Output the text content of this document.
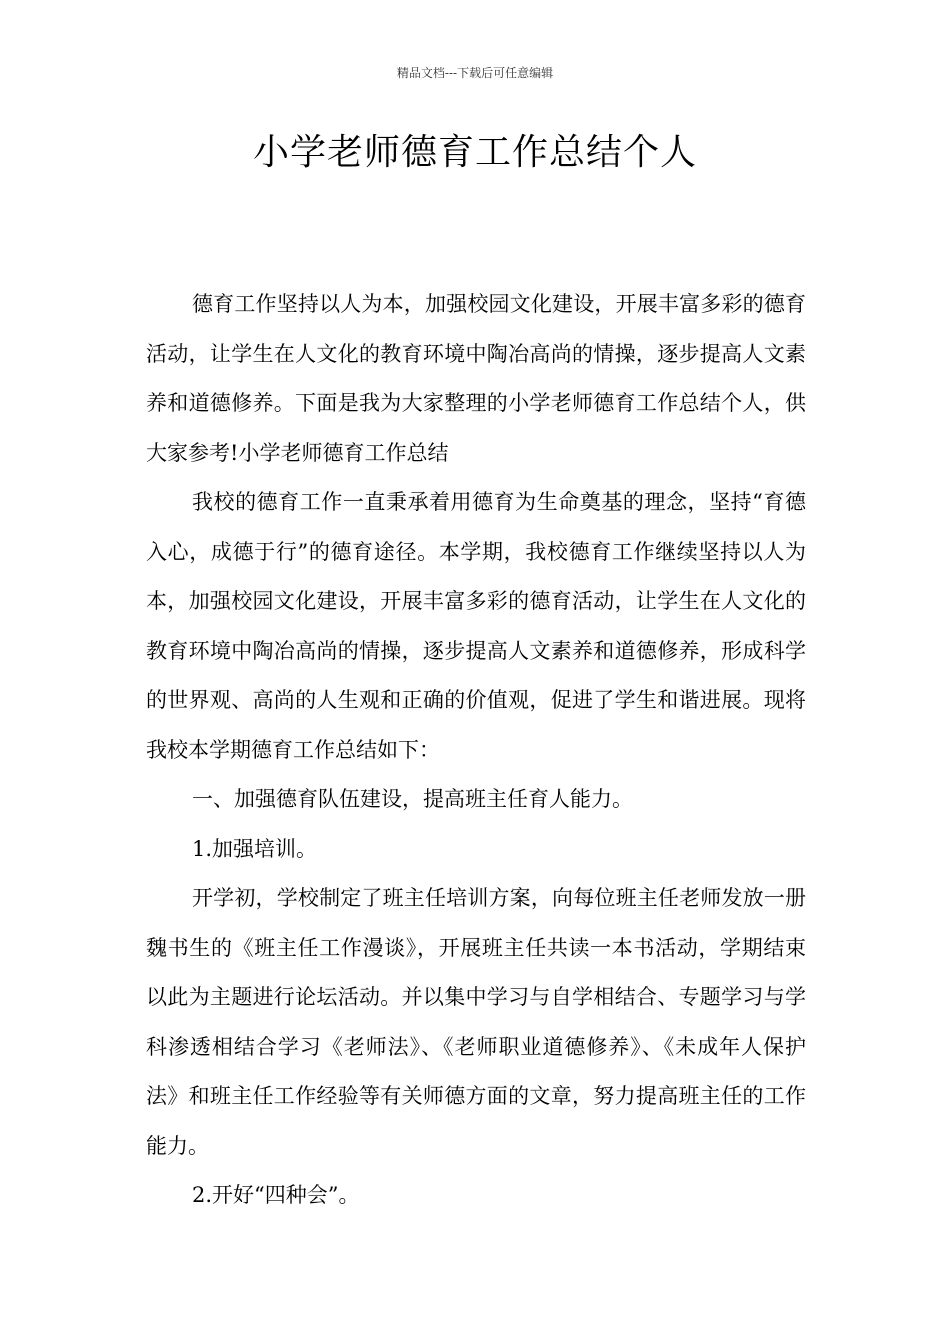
精品文档---下载后可任意编辑
小学老师德育工作总结个人

德育工作坚持以人为本，加强校园文化建设，开展丰富多彩的德育活动，让学生在人文化的教育环境中陶冶高尚的情操，逐步提高人文素养和道德修养。下面是我为大家整理的小学老师德育工作总结个人，供大家参考!小学老师德育工作总结

我校的德育工作一直秉承着用德育为生命奠基的理念，坚持“育德入心，成德于行”的德育途径。本学期，我校德育工作继续坚持以人为本，加强校园文化建设，开展丰富多彩的德育活动，让学生在人文化的教育环境中陶冶高尚的情操，逐步提高人文素养和道德修养，形成科学的世界观、高尚的人生观和正确的价值观，促进了学生和谐进展。现将我校本学期德育工作总结如下：

一、加强德育队伍建设，提高班主任育人能力。

1.加强培训。

开学初，学校制定了班主任培训方案，向每位班主任老师发放一册魏书生的《班主任工作漫谈》，开展班主任共读一本书活动，学期结束以此为主题进行论坛活动。并以集中学习与自学相结合、专题学习与学科渗透相结合学习《老师法》、《老师职业道德修养》、《未成年人保护法》和班主任工作经验等有关师德方面的文章，努力提高班主任的工作能力。

2.开好“四种会”。
